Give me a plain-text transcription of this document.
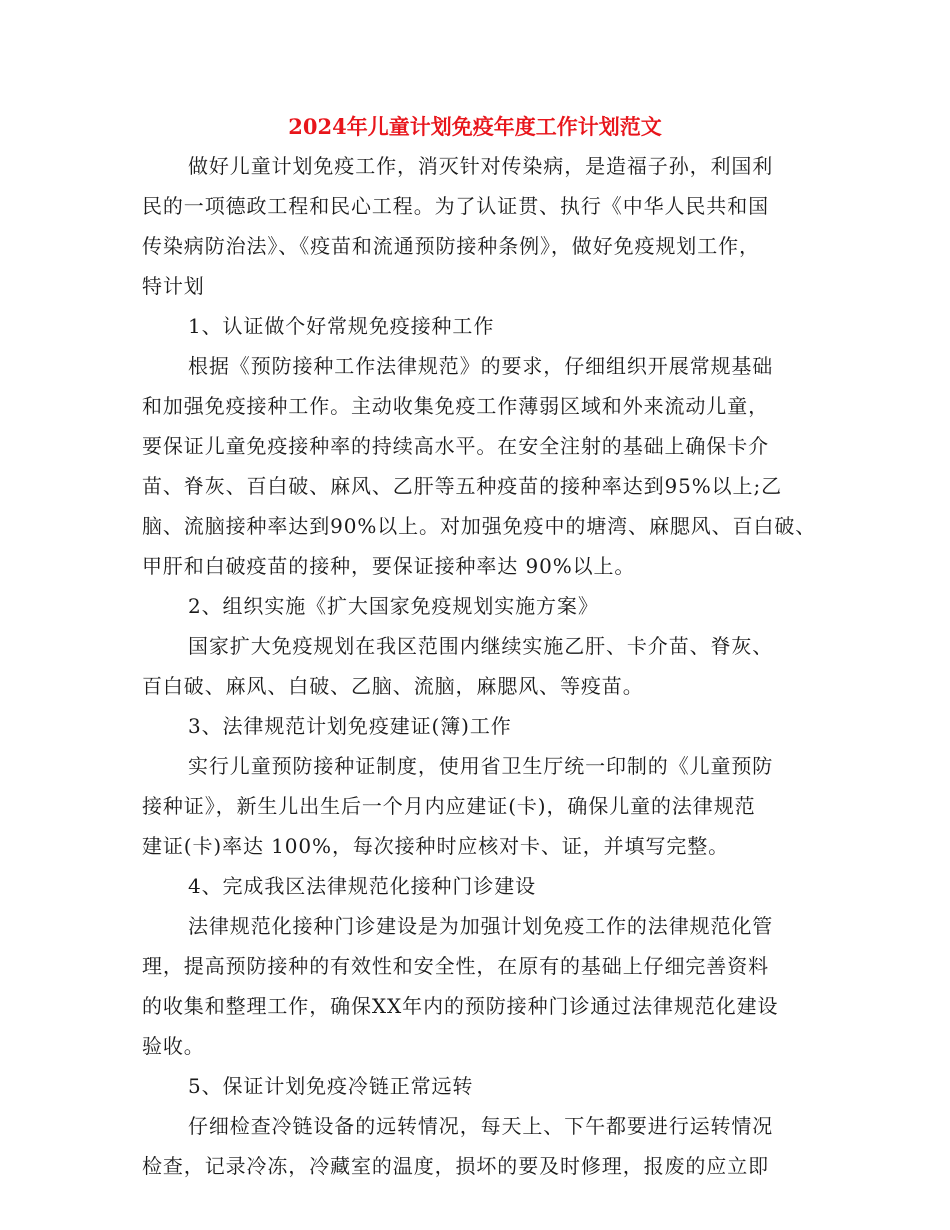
2024年儿童计划免疫年度工作计划范文
做好儿童计划免疫工作，消灭针对传染病，是造福子孙，利国利
民的一项德政工程和民心工程。为了认证贯、执行《中华人民共和国
传染病防治法》、《疫苗和流通预防接种条例》，做好免疫规划工作，
特计划
1、认证做个好常规免疫接种工作
根据《预防接种工作法律规范》的要求，仔细组织开展常规基础
和加强免疫接种工作。主动收集免疫工作薄弱区域和外来流动儿童，
要保证儿童免疫接种率的持续高水平。在安全注射的基础上确保卡介
苗、脊灰、百白破、麻风、乙肝等五种疫苗的接种率达到95%以上;乙
脑、流脑接种率达到90%以上。对加强免疫中的塘湾、麻腮风、百白破、
甲肝和白破疫苗的接种，要保证接种率达 90%以上。
2、组织实施《扩大国家免疫规划实施方案》
国家扩大免疫规划在我区范围内继续实施乙肝、卡介苗、脊灰、
百白破、麻风、白破、乙脑、流脑，麻腮风、等疫苗。
3、法律规范计划免疫建证(簿)工作
实行儿童预防接种证制度，使用省卫生厅统一印制的《儿童预防
接种证》，新生儿出生后一个月内应建证(卡)，确保儿童的法律规范
建证(卡)率达 100%，每次接种时应核对卡、证，并填写完整。
4、完成我区法律规范化接种门诊建设
法律规范化接种门诊建设是为加强计划免疫工作的法律规范化管
理，提高预防接种的有效性和安全性，在原有的基础上仔细完善资料
的收集和整理工作，确保XX年内的预防接种门诊通过法律规范化建设
验收。
5、保证计划免疫冷链正常远转
仔细检查冷链设备的远转情况，每天上、下午都要进行运转情况
检查，记录冷冻，冷藏室的温度，损坏的要及时修理，报废的应立即
